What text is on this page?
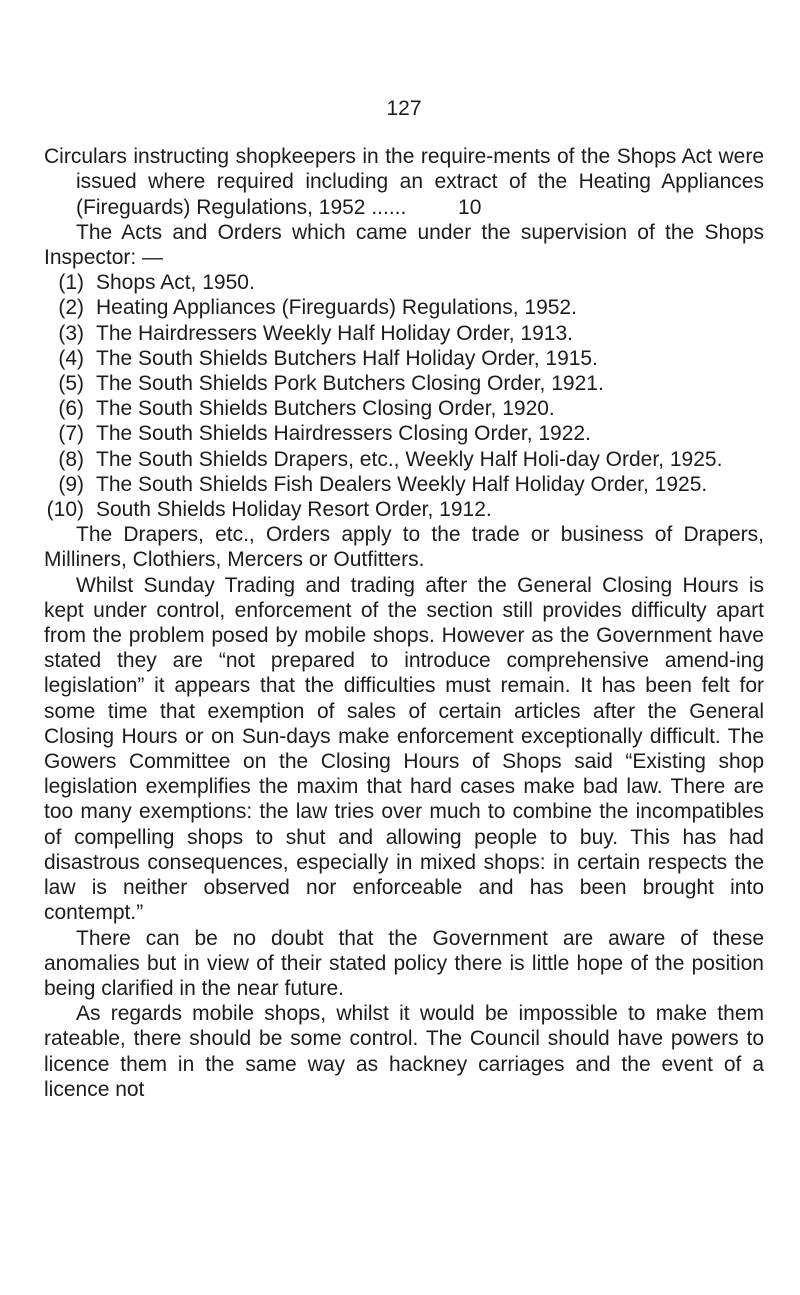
127
Circulars instructing shopkeepers in the require-ments of the Shops Act were issued where required including an extract of the Heating Appliances (Fireguards) Regulations, 1952 ...... 10

The Acts and Orders which came under the supervision of the Shops Inspector: —

(1) Shops Act, 1950.
(2) Heating Appliances (Fireguards) Regulations, 1952.
(3) The Hairdressers Weekly Half Holiday Order, 1913.
(4) The South Shields Butchers Half Holiday Order, 1915.
(5) The South Shields Pork Butchers Closing Order, 1921.
(6) The South Shields Butchers Closing Order, 1920.
(7) The South Shields Hairdressers Closing Order, 1922.
(8) The South Shields Drapers, etc., Weekly Half Holi-day Order, 1925.
(9) The South Shields Fish Dealers Weekly Half Holiday Order, 1925.
(10) South Shields Holiday Resort Order, 1912.

The Drapers, etc., Orders apply to the trade or business of Drapers, Milliners, Clothiers, Mercers or Outfitters.

Whilst Sunday Trading and trading after the General Closing Hours is kept under control, enforcement of the section still provides difficulty apart from the problem posed by mobile shops. However as the Government have stated they are “not prepared to introduce comprehensive amend-ing legislation” it appears that the difficulties must remain. It has been felt for some time that exemption of sales of certain articles after the General Closing Hours or on Sun-days make enforcement exceptionally difficult. The Gowers Committee on the Closing Hours of Shops said “Existing shop legislation exemplifies the maxim that hard cases make bad law. There are too many exemptions: the law tries over much to combine the incompatibles of compelling shops to shut and allowing people to buy. This has had disastrous consequences, especially in mixed shops: in certain respects the law is neither observed nor enforceable and has been brought into contempt.”

There can be no doubt that the Government are aware of these anomalies but in view of their stated policy there is little hope of the position being clarified in the near future.

As regards mobile shops, whilst it would be impossible to make them rateable, there should be some control. The Council should have powers to licence them in the same way as hackney carriages and the event of a licence not
